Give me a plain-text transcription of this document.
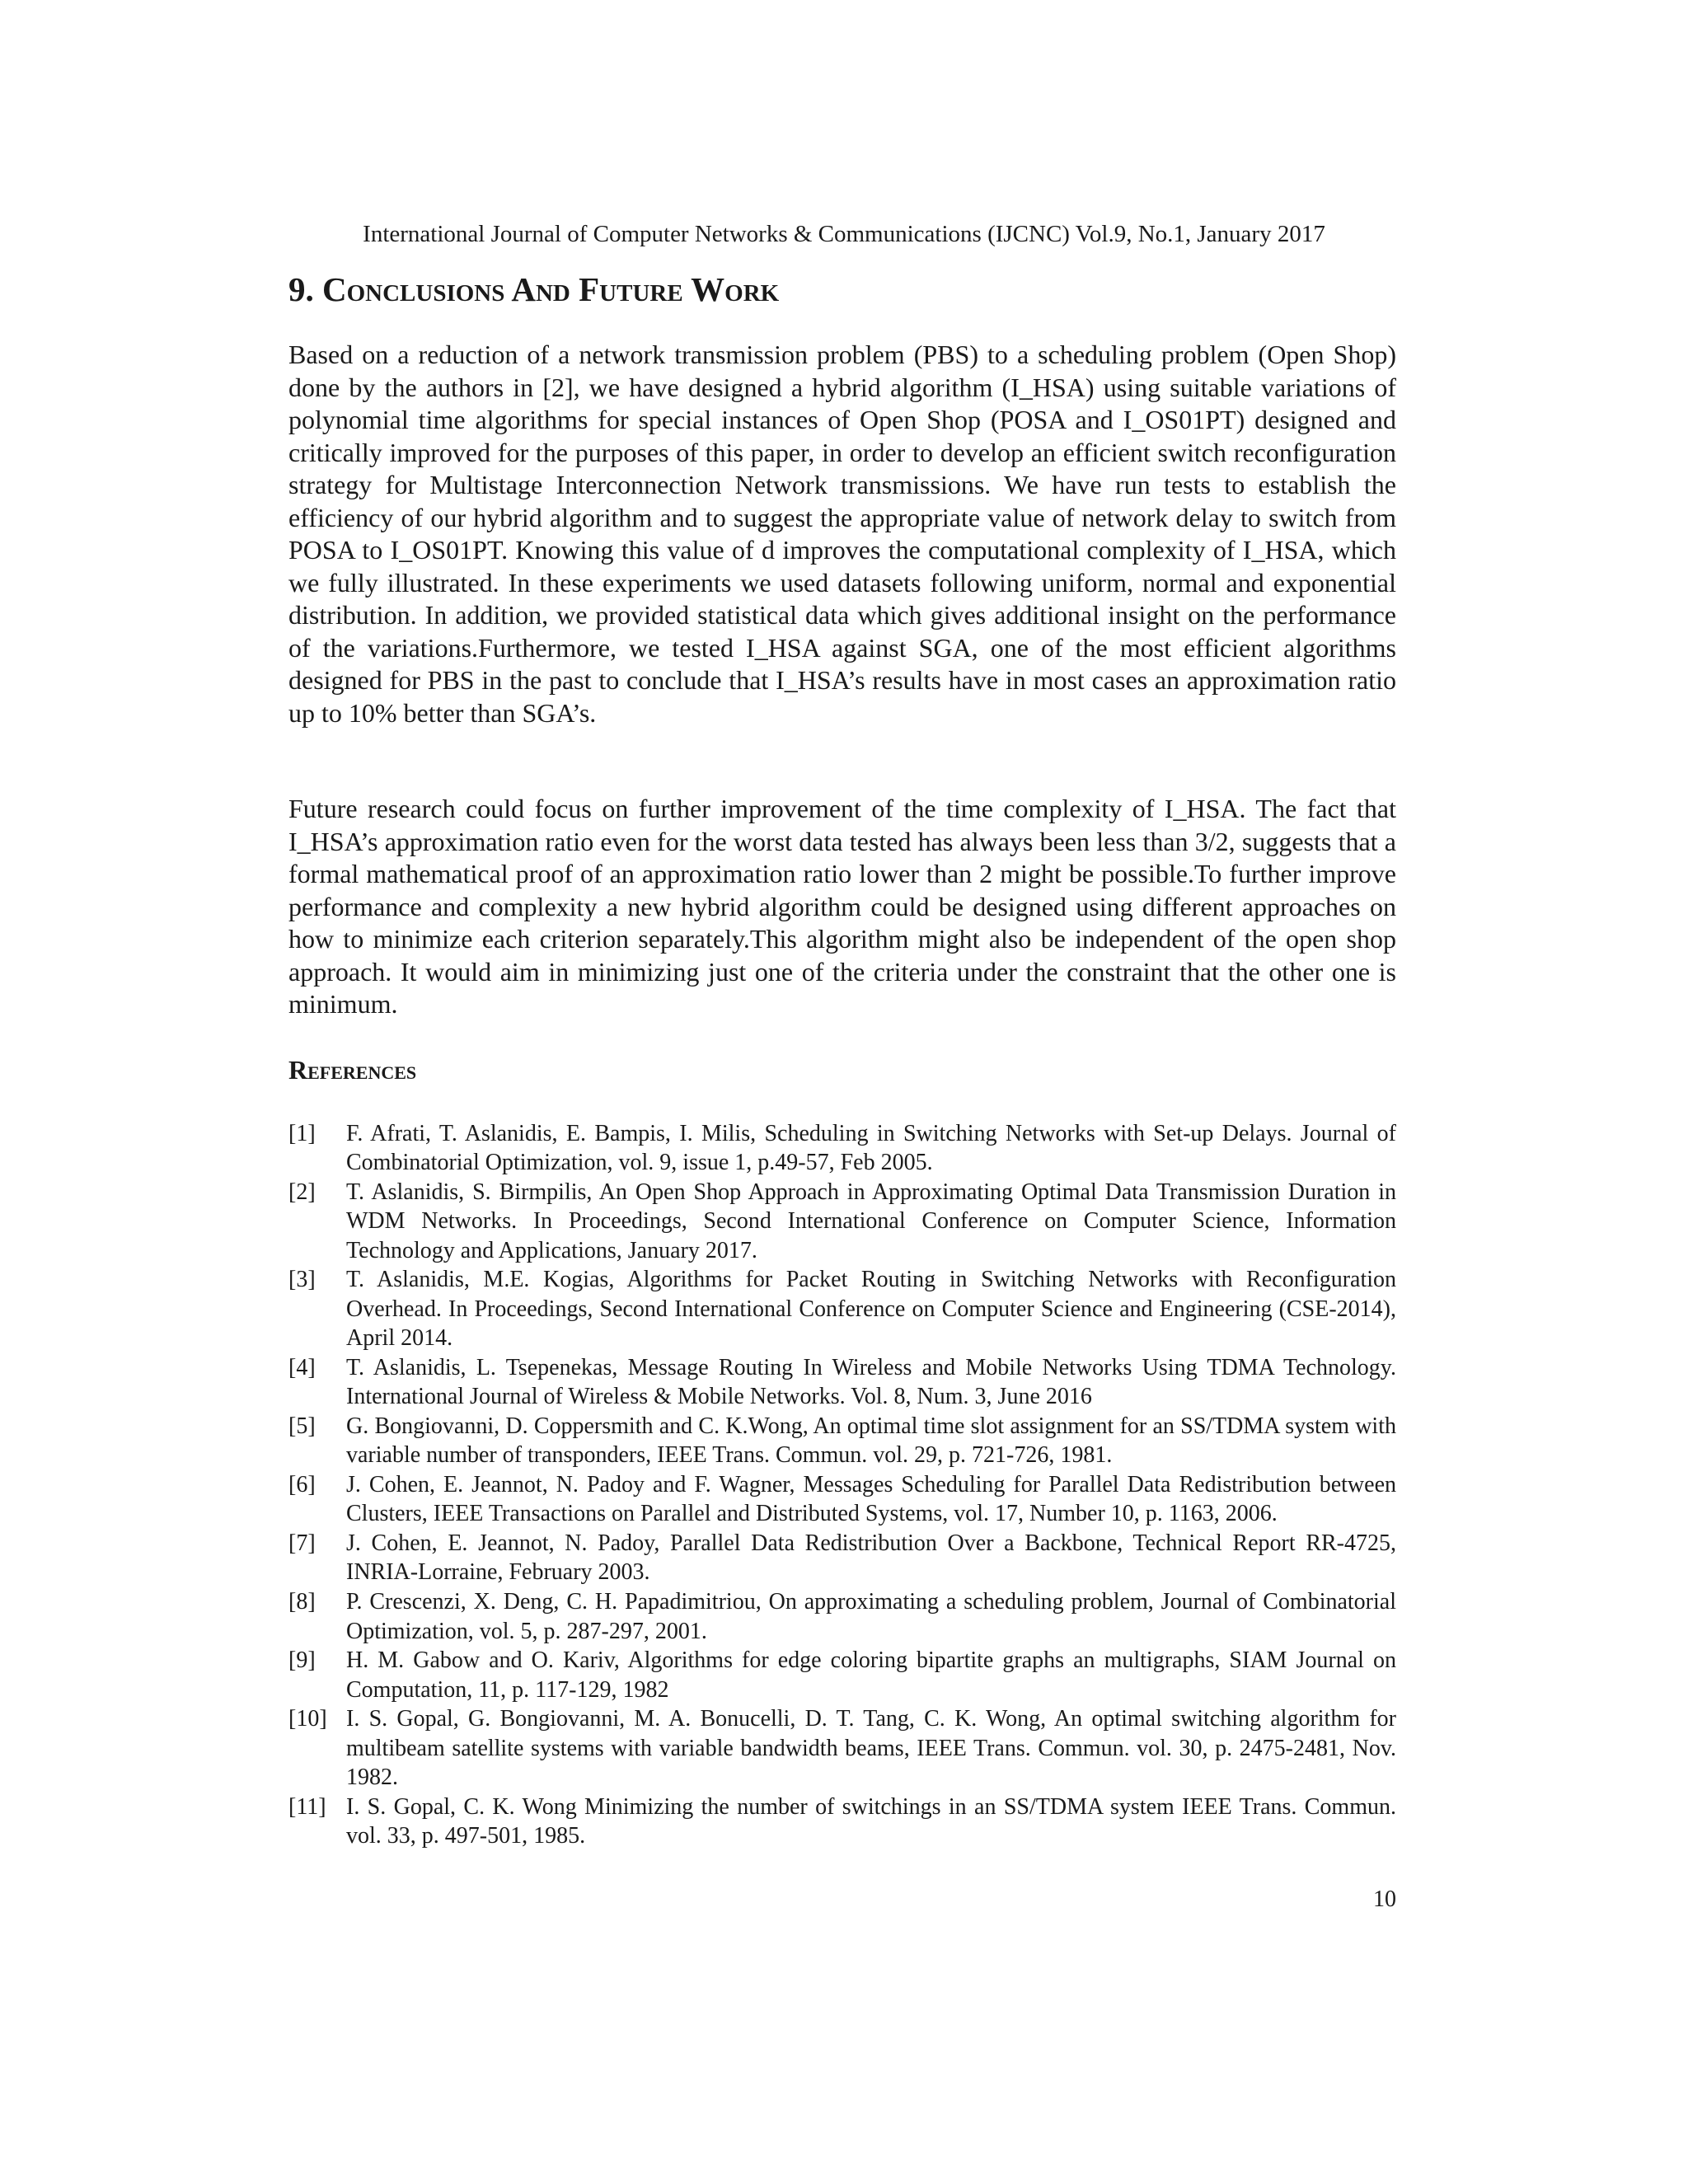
International Journal of Computer Networks & Communications (IJCNC) Vol.9, No.1, January 2017
9. Conclusions And Future Work

Based on a reduction of a network transmission problem (PBS) to a scheduling problem (Open Shop) done by the authors in [2], we have designed a hybrid algorithm (I_HSA) using suitable variations of polynomial time algorithms for special instances of Open Shop (POSA and I_OS01PT) designed and critically improved for the purposes of this paper, in order to develop an efficient switch reconfiguration strategy for Multistage Interconnection Network transmissions. We have run tests to establish the efficiency of our hybrid algorithm and to suggest the appropriate value of network delay to switch from POSA to I_OS01PT. Knowing this value of d improves the computational complexity of I_HSA, which we fully illustrated. In these experiments we used datasets following uniform, normal and exponential distribution. In addition, we provided statistical data which gives additional insight on the performance of the variations.Furthermore, we tested I_HSA against SGA, one of the most efficient algorithms designed for PBS in the past to conclude that I_HSA’s results have in most cases an approximation ratio up to 10% better than SGA’s.

Future research could focus on further improvement of the time complexity of I_HSA. The fact that I_HSA’s approximation ratio even for the worst data tested has always been less than 3/2, suggests that a formal mathematical proof of an approximation ratio lower than 2 might be possible.To further improve performance and complexity a new hybrid algorithm could be designed using different approaches on how to minimize each criterion separately.This algorithm might also be independent of the open shop approach. It would aim in minimizing just one of the criteria under the constraint that the other one is minimum.

References
[1] F. Afrati, T. Aslanidis, E. Bampis, I. Milis, Scheduling in Switching Networks with Set-up Delays. Journal of Combinatorial Optimization, vol. 9, issue 1, p.49-57, Feb 2005.
[2] T. Aslanidis, S. Birmpilis, An Open Shop Approach in Approximating Optimal Data Transmission Duration in WDM Networks. In Proceedings, Second International Conference on Computer Science, Information Technology and Applications, January 2017.
[3] T. Aslanidis, M.E. Kogias, Algorithms for Packet Routing in Switching Networks with Reconfiguration Overhead. In Proceedings, Second International Conference on Computer Science and Engineering (CSE-2014), April 2014.
[4] T. Aslanidis, L. Tsepenekas, Message Routing In Wireless and Mobile Networks Using TDMA Technology. International Journal of Wireless & Mobile Networks. Vol. 8, Num. 3, June 2016
[5] G. Bongiovanni, D. Coppersmith and C. K.Wong, An optimal time slot assignment for an SS/TDMA system with variable number of transponders, IEEE Trans. Commun. vol. 29, p. 721-726, 1981.
[6] J. Cohen, E. Jeannot, N. Padoy and F. Wagner, Messages Scheduling for Parallel Data Redistribution between Clusters, IEEE Transactions on Parallel and Distributed Systems, vol. 17, Number 10, p. 1163, 2006.
[7] J. Cohen, E. Jeannot, N. Padoy, Parallel Data Redistribution Over a Backbone, Technical Report RR-4725, INRIA-Lorraine, February 2003.
[8] P. Crescenzi, X. Deng, C. H. Papadimitriou, On approximating a scheduling problem, Journal of Combinatorial Optimization, vol. 5, p. 287-297, 2001.
[9] H. M. Gabow and O. Kariv, Algorithms for edge coloring bipartite graphs an multigraphs, SIAM Journal on Computation, 11, p. 117-129, 1982
[10] I. S. Gopal, G. Bongiovanni, M. A. Bonucelli, D. T. Tang, C. K. Wong, An optimal switching algorithm for multibeam satellite systems with variable bandwidth beams, IEEE Trans. Commun. vol. 30, p. 2475-2481, Nov. 1982.
[11] I. S. Gopal, C. K. Wong Minimizing the number of switchings in an SS/TDMA system IEEE Trans. Commun. vol. 33, p. 497-501, 1985.
10
